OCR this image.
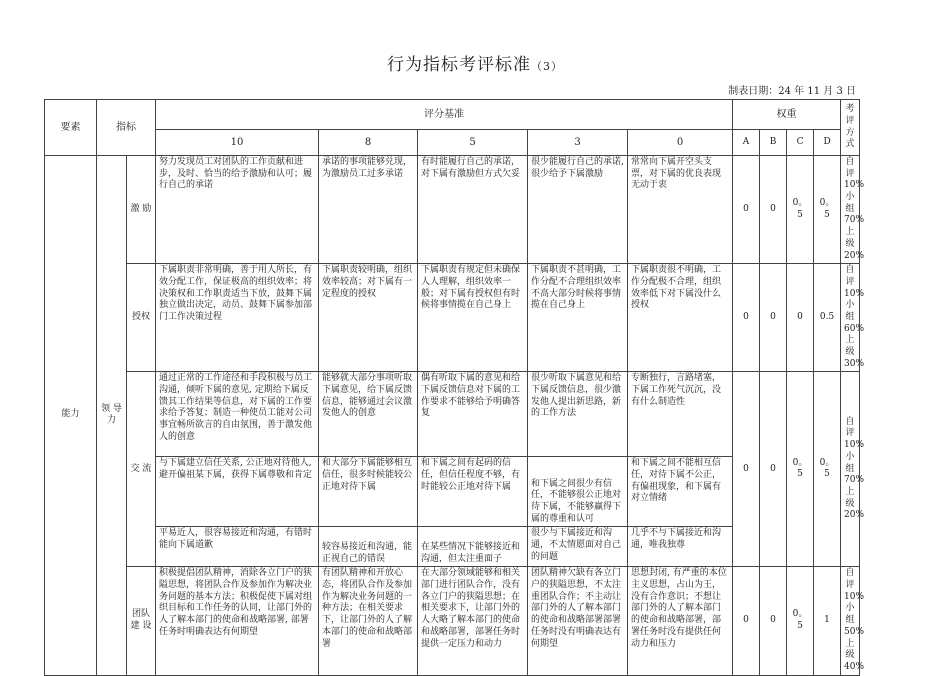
行为指标考评标准（3）
制表日期：24 年 11 月 3 日
要素	指标		评分基准					权重				考评方式
			10	8	5	3	0	A	B	C	D	
能力	领 导 力	激 励	努力发现员工对团队的工作贡献和进步，及时、恰当的给予激励和认可；履行自己的承诺	承诺的事项能够兑现，为激励员工过多承诺	有时能履行自己的承诺，对下属有激励但方式欠妥	很少能履行自己的承诺, 很少给予下属激励	常常向下属开空头支票，对下属的优良表现无动于衷	0	0	0。5	0。5	自评 10% 小组 70% 上级 20%
		授权	下属职责非常明确，善于用人所长，有效分配工作，保证极高的组织效率；将决策权和工作职责适当下放，鼓舞下属独立做出决定，动员、鼓舞下属参加部门工作决策过程	下属职责较明确，组织效率较高；对下属有一定程度的授权	下属职责有规定但未确保人人理解，组织效率一般；对下属有授权但有时候将事情揽在自己身上	下属职责不甚明确，工作分配不合理组织效率不高大部分时候将事情揽在自己身上	下属职责很不明确，工作分配极不合理，组织效率低下对下属没什么授权	0	0	0	0.5	自评 10% 小组 60% 上级 30%
		交 流	通过正常的工作途径和手段积极与员工沟通，倾听下属的意见, 定期给下属反馈其工作结果等信息，对下属的工作要求给予答复；制造一种使员工能对公司事宜畅所欲言的自由氛围，善于激发他人的创意	能够就大部分事项听取下属意见，给下属反馈信息，能够通过会议激发他人的创意	偶有听取下属的意见和给下属反馈信息对下属的工作要求不能够给予明确答复	很少听取下属意见和给下属反馈信息，很少激发他人提出新思路，新的工作方法	专断独行，言路堵塞，下属工作死气沉沉，没有什么制造性	0	0	0。5	0。5	自评 10% 小组 70% 上级 20%
			与下属建立信任关系, 公正地对待他人, 避开偏祖某下属，获得下属尊敬和肯定	和大部分下属能够相互信任，很多时候能较公正地对待下属	和下属之间有起码的信任，但信任程度不够，有时能较公正地对待下属	和下属之间很少有信任，不能够很公正地对待下属，不能够赢得下属的尊重和认可	和下属之间不能相互信任，对待下属不公正，有偏祖现象，和下属有对立情绪					
			平易近人，很容易接近和沟通，有错时能向下属道歉	较容易接近和沟通，能正视自己的错误	在某些情况下能够接近和沟通，但太注重面子	很少与下属接近和沟通，不太情愿面对自己的问题	几乎不与下属接近和沟通，唯我独尊					
		团队建 设	积极提倡团队精神，消除各立门户的狭隘思想，将团队合作及参加作为解决业务问题的基本方法；积极促使下属对组织目标和工作任务的认同，让部门外的人了解本部门的使命和战略部署, 部署任务时明确表达有何期望	有团队精神和开放心态，将团队合作及参加作为解决业务问题的一种方法；在相关要求下，让部门外的人了解本部门的使命和战略部署	在大部分领域能够和相关部门进行团队合作，没有各立门户的狭隘思想；在相关要求下，让部门外的人大略了解本部门的使命和战略部署，部署任务时提供一定压力和动力	团队精神欠缺有各立门户的狭隘思想，不太注重团队合作；不主动让部门外的人了解本部门的使命和战略部署部署任务时没有明确表达有何期望	思想封闭, 有严重的本位主义思想，占山为王，没有合作意识；不想让部门外的人了解本部门的使命和战略部署，部署任务时没有提供任何动力和压力	0	0	0。5	1	自评 10% 小组 50% 上级 40%
